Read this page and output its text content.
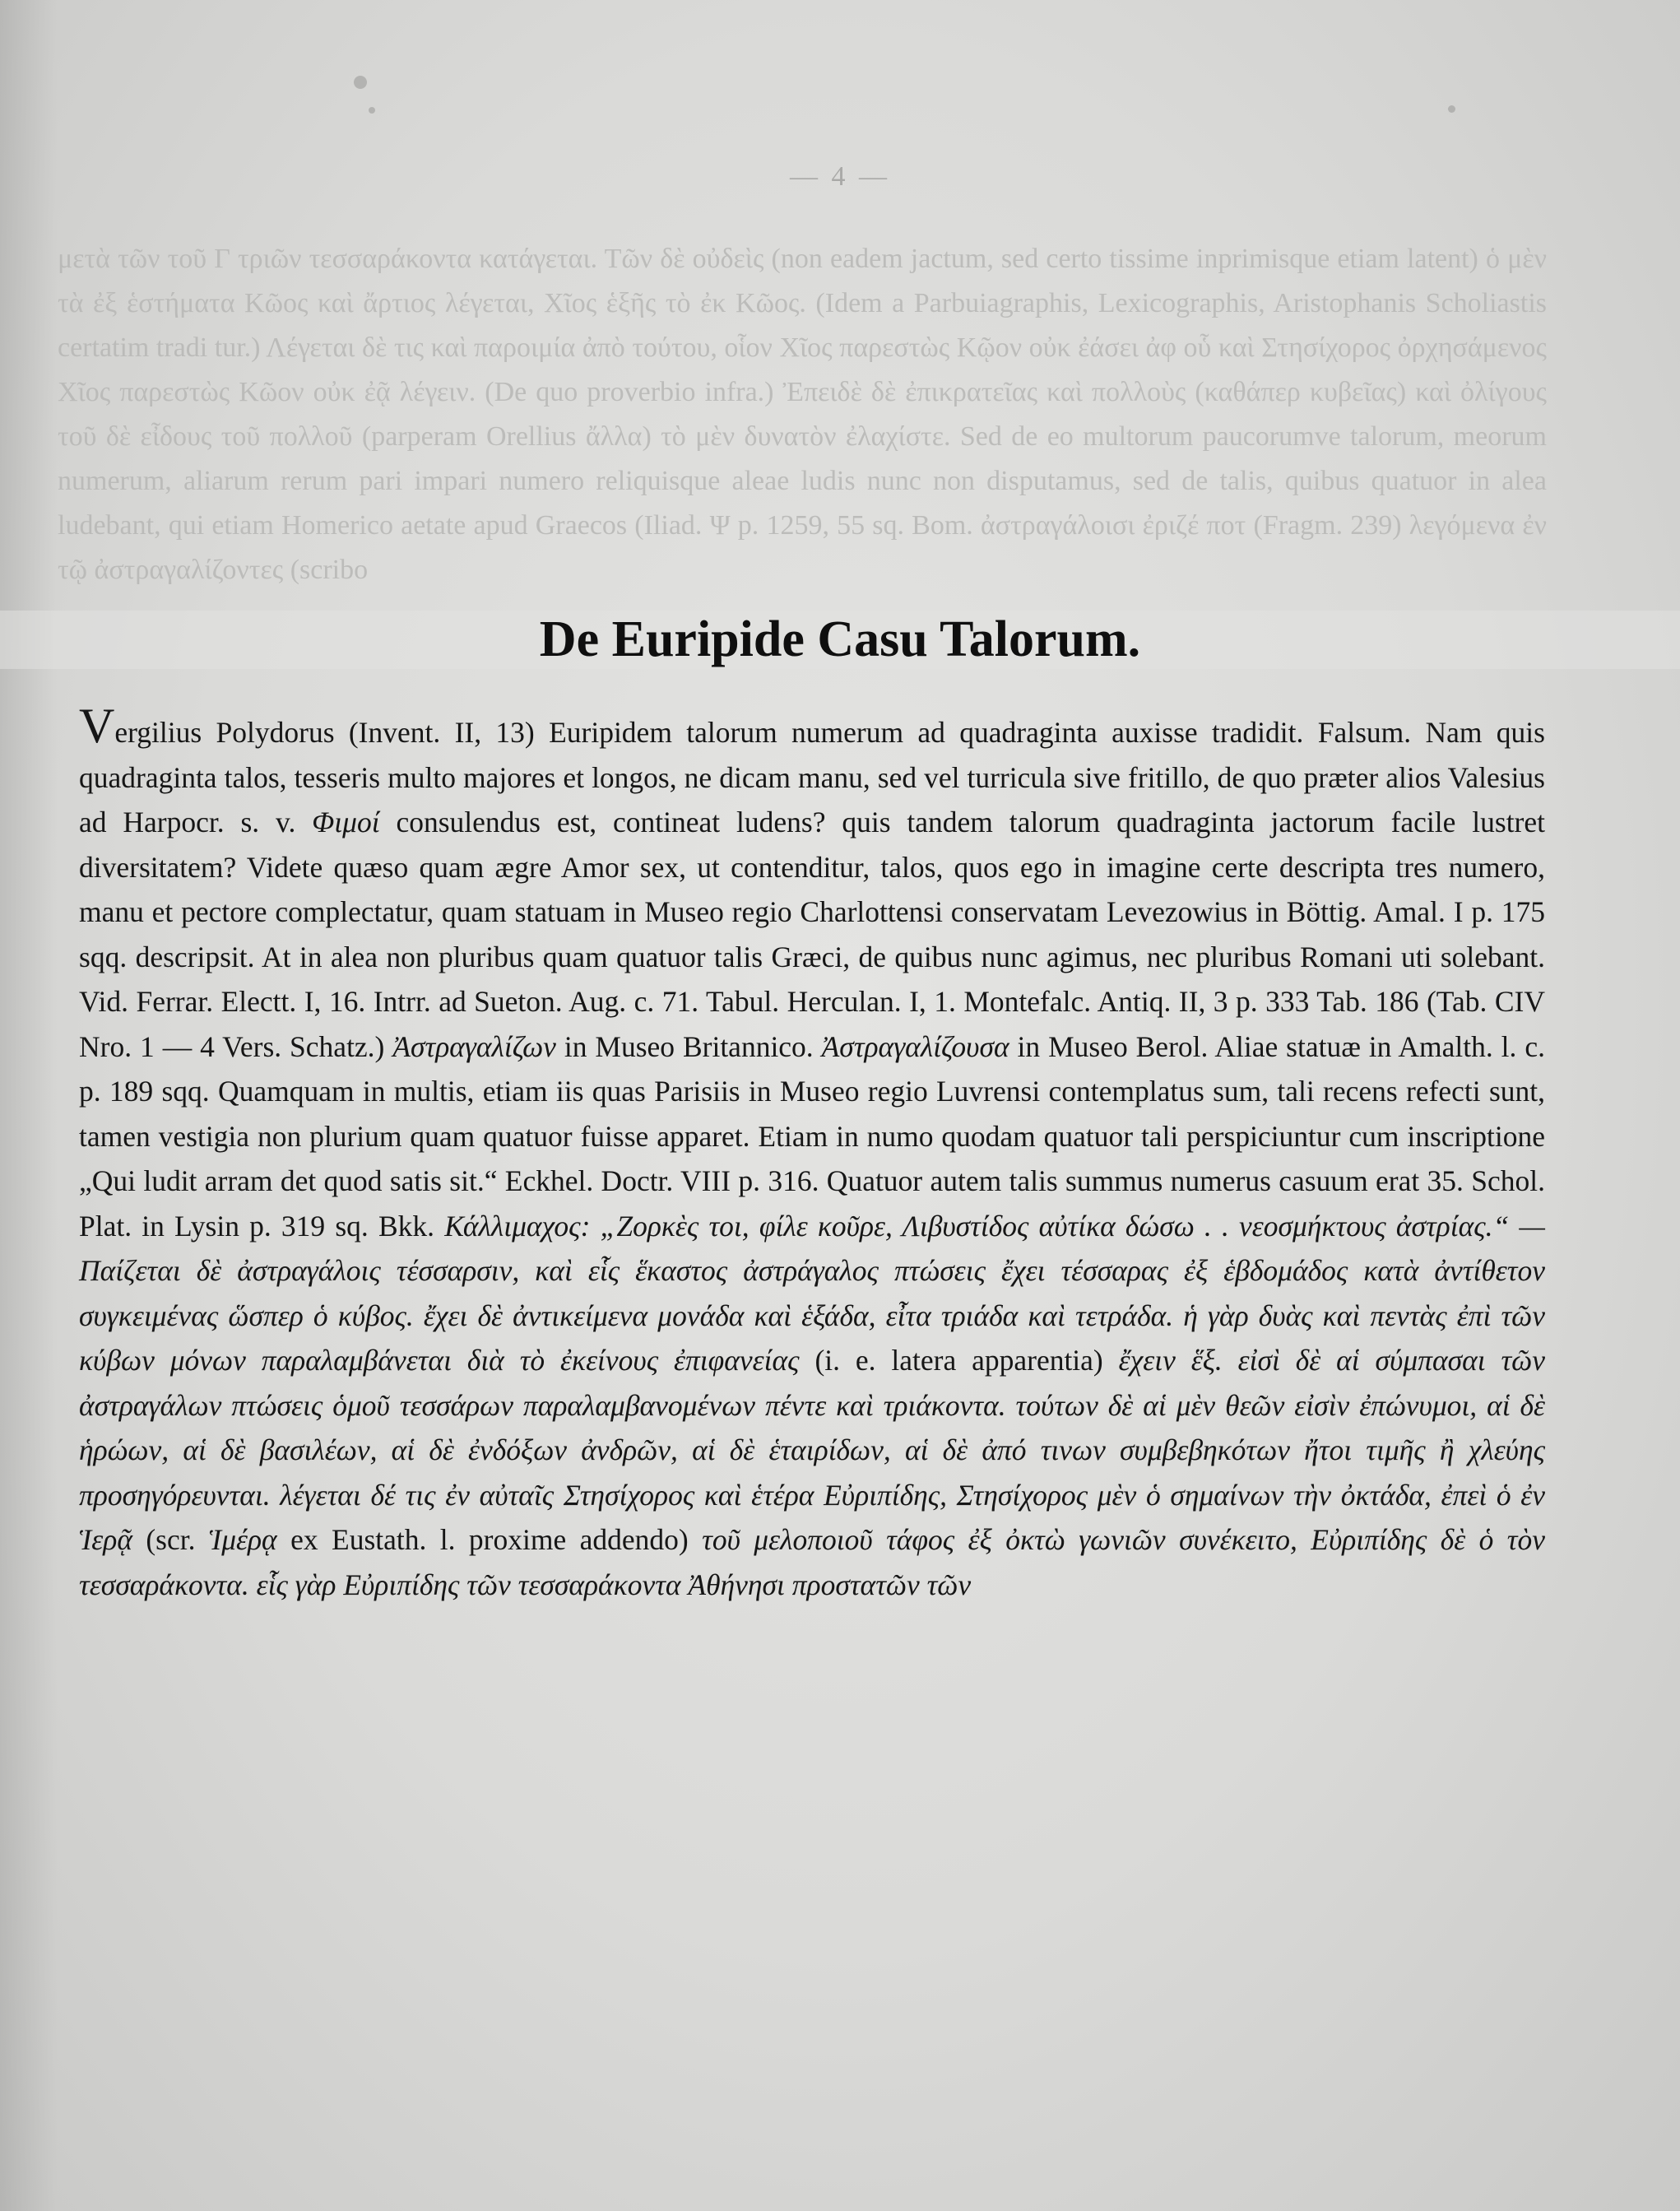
— 4 —

μετὰ τῶν τοῦ Γ τριῶν τεσσαράκοντα κατάγεται. Τῶν δὲ οὐδεὶς (non eadem jactum, sed certo tissime inprimisque etiam latent) ὁ μὲν τὰ ἐξ ἑστήματα Κῶος καὶ ἄρτιος λέγεται, Χῖος ἑξῆς τὸ ἐκ Κῶος. (Idem a Parbuiagraphis, Lexicographis, Aristophanis Scholiastis certatim tradi tur.) Λέγεται δὲ τις καὶ παροιμία ἀπὸ τούτου, οἷον Χῖος παρεστὼς Κῷον οὐκ ἐάσει ἀφ οὗ καὶ Στησίχορος ὀρχησάμενος Χῖος παρεστὼς Κῶον οὐκ ἐᾷ λέγειν. (De quo proverbio infra.) Ἐπειδὲ δὲ ἐπικρατεῖας καὶ πολλοὺς (καθάπερ κυβεῖας) καὶ ὀλίγους τοῦ δὲ εἶδους τοῦ πολλοῦ (parperam Orellius ἄλλα) τὸ μὲν δυνατὸν ἐλαχίστε. Sed de eo multorum paucorumve talorum, meorum numerum, aliarum rerum pari impari numero reliquisque aleae ludis nunc non disputamus, sed de talis, quibus quatuor in alea ludebant, qui etiam Homerico aetate apud Graecos (Iliad. Ψ p. 1259, 55 sq. Bom. ἀστραγάλοισι ἐριζέ ποτ (Fragm. 239) λεγόμενα ἐν τῷ ἀστραγαλίζοντες (scribo

De Euripide Casu Talorum.

Vergilius Polydorus (Invent. II, 13) Euripidem talorum numerum ad quadraginta auxisse tradidit. Falsum. Nam quis quadraginta talos, tesseris multo majores et longos, ne dicam manu, sed vel turricula sive fritillo, de quo præter alios Valesius ad Harpocr. s. v. Φιμοί consulendus est, contineat ludens? quis tandem talorum quadraginta jactorum facile lustret diversitatem? Videte quæso quam ægre Amor sex, ut contenditur, talos, quos ego in imagine certe descripta tres numero, manu et pectore complectatur, quam statuam in Museo regio Charlottensi conservatam Levezowius in Böttig. Amal. I p. 175 sqq. descripsit. At in alea non pluribus quam quatuor talis Græci, de quibus nunc agimus, nec pluribus Romani uti solebant. Vid. Ferrar. Electt. I, 16. Intrr. ad Sueton. Aug. c. 71. Tabul. Herculan. I, 1. Montefalc. Antiq. II, 3 p. 333 Tab. 186 (Tab. CIV Nro. 1 — 4 Vers. Schatz.) Ἀστραγαλίζων in Museo Britannico. Ἀστραγαλίζουσα in Museo Berol. Aliae statuæ in Amalth. l. c. p. 189 sqq. Quamquam in multis, etiam iis quas Parisiis in Museo regio Luvrensi contemplatus sum, tali recens refecti sunt, tamen vestigia non plurium quam quatuor fuisse apparet. Etiam in numo quodam quatuor tali perspiciuntur cum inscriptione „Qui ludit arram det quod satis sit.“ Eckhel. Doctr. VIII p. 316. Quatuor autem talis summus numerus casuum erat 35. Schol. Plat. in Lysin p. 319 sq. Bkk. Κάλλιμαχος: „Ζορκὲς τοι, φίλε κοῦρε, Λιβυστίδος αὐτίκα δώσω . . νεοσμήκτους ἀστρίας.“ — Παίζεται δὲ ἀστραγάλοις τέσσαρσιν, καὶ εἷς ἕκαστος ἀστράγαλος πτώσεις ἔχει τέσσαρας ἐξ ἑβδομάδος κατὰ ἀντίθετον συγκειμένας ὥσπερ ὁ κύβος. ἔχει δὲ ἀντικείμενα μονάδα καὶ ἑξάδα, εἶτα τριάδα καὶ τετράδα. ἡ γὰρ δυὰς καὶ πεντὰς ἐπὶ τῶν κύβων μόνων παραλαμβάνεται διὰ τὸ ἐκείνους ἐπιφανείας (i. e. latera apparentia) ἔχειν ἕξ. εἰσὶ δὲ αἱ σύμπασαι τῶν ἀστραγάλων πτώσεις ὁμοῦ τεσσάρων παραλαμβανομένων πέντε καὶ τριάκοντα. τούτων δὲ αἱ μὲν θεῶν εἰσὶν ἐπώνυμοι, αἱ δὲ ἡρώων, αἱ δὲ βασιλέων, αἱ δὲ ἐνδόξων ἀνδρῶν, αἱ δὲ ἑταιρίδων, αἱ δὲ ἀπό τινων συμβεβηκότων ἤτοι τιμῆς ἢ χλεύης προσηγόρευνται. λέγεται δέ τις ἐν αὐταῖς Στησίχορος καὶ ἑτέρα Εὐριπίδης, Στησίχορος μὲν ὁ σημαίνων τὴν ὀκτάδα, ἐπεὶ ὁ ἐν Ἱερᾷ (scr. Ἱμέρᾳ ex Eustath. l. proxime addendo) τοῦ μελοποιοῦ τάφος ἐξ ὀκτὼ γωνιῶν συνέκειτο, Εὐριπίδης δὲ ὁ τὸν τεσσαράκοντα. εἷς γὰρ Εὐριπίδης τῶν τεσσαράκοντα Ἀθήνησι προστατῶν τῶν
